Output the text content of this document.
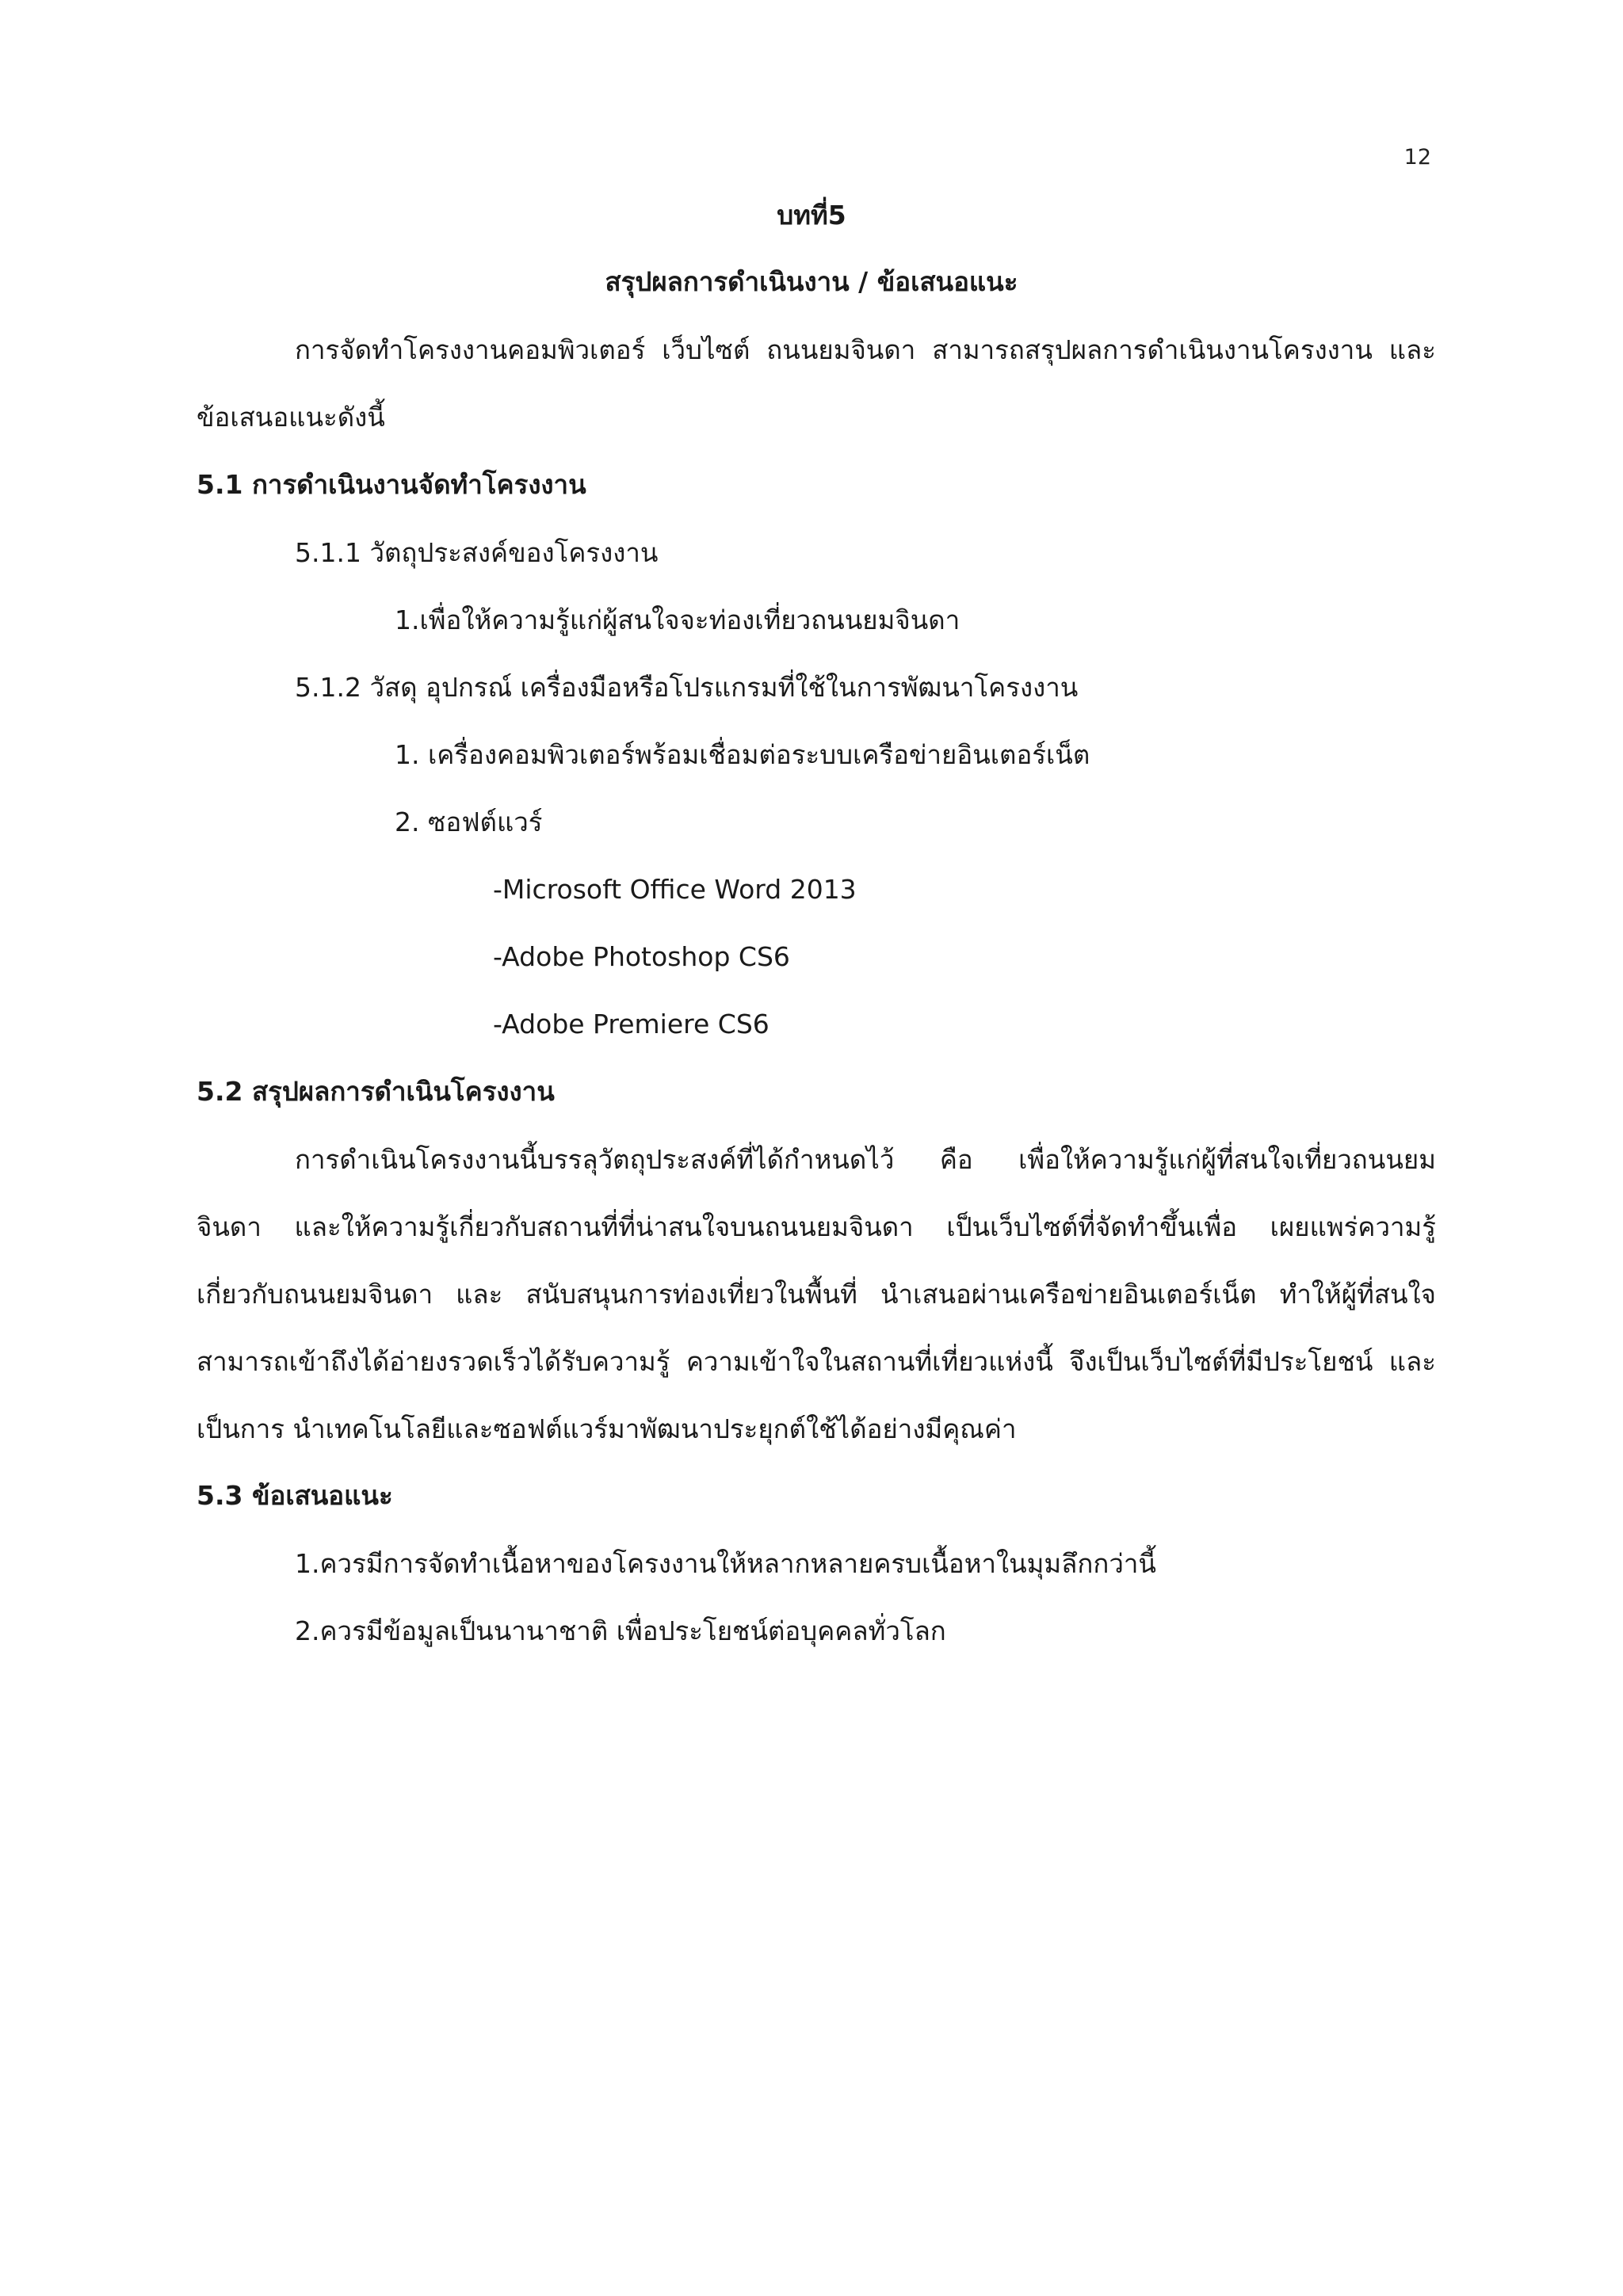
12
บทที่5
สรุปผลการดำเนินงาน / ข้อเสนอแนะ
การจัดทำโครงงานคอมพิวเตอร์ เว็บไซต์ ถนนยมจินดา สามารถสรุปผลการดำเนินงานโครงงาน และ
ข้อเสนอแนะดังนี้
5.1 การดำเนินงานจัดทำโครงงาน
5.1.1 วัตถุประสงค์ของโครงงาน
1.เพื่อให้ความรู้แก่ผู้สนใจจะท่องเที่ยวถนนยมจินดา
5.1.2 วัสดุ อุปกรณ์ เครื่องมือหรือโปรแกรมที่ใช้ในการพัฒนาโครงงาน
1. เครื่องคอมพิวเตอร์พร้อมเชื่อมต่อระบบเครือข่ายอินเตอร์เน็ต
2. ซอฟต์แวร์
-Microsoft Office Word 2013
-Adobe Photoshop CS6
-Adobe Premiere CS6
5.2 สรุปผลการดำเนินโครงงาน
การดำเนินโครงงานนี้บรรลุวัตถุประสงค์ที่ได้กำหนดไว้ คือ เพื่อให้ความรู้แก่ผู้ที่สนใจเที่ยวถนนยม
จินดา และให้ความรู้เกี่ยวกับสถานที่ที่น่าสนใจบนถนนยมจินดา เป็นเว็บไซต์ที่จัดทำขึ้นเพื่อ เผยแพร่ความรู้
เกี่ยวกับถนนยมจินดา และ สนับสนุนการท่องเที่ยวในพื้นที่ นำเสนอผ่านเครือข่ายอินเตอร์เน็ต ทำให้ผู้ที่สนใจ
สามารถเข้าถึงได้อ่ายงรวดเร็วได้รับความรู้ ความเข้าใจในสถานที่เที่ยวแห่งนี้ จึงเป็นเว็บไซต์ที่มีประโยชน์ และ
เป็นการ นำเทคโนโลยีและซอฟต์แวร์มาพัฒนาประยุกต์ใช้ได้อย่างมีคุณค่า
5.3 ข้อเสนอแนะ
1.ควรมีการจัดทำเนื้อหาของโครงงานให้หลากหลายครบเนื้อหาในมุมลึกกว่านี้
2.ควรมีข้อมูลเป็นนานาชาติ เพื่อประโยชน์ต่อบุคคลทั่วโลก
